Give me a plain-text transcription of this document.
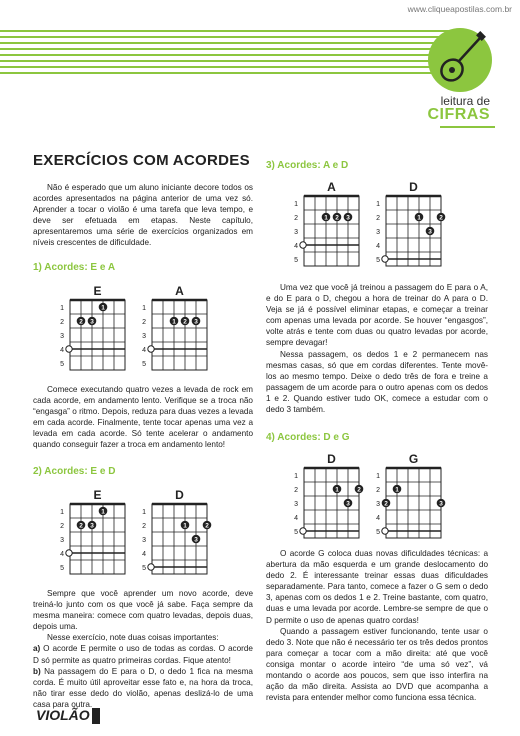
www.cliqueapostilas.com.br
leitura de
CIFRAS
EXERCÍCIOS COM ACORDES
Não é esperado que um aluno iniciante decore todos os acordes apresentados na página anterior de uma vez só. Aprender a tocar o violão é uma tarefa que leva tempo, e deve ser efetuada em etapas. Neste capítulo, apresentaremos uma série de exercícios organizados em níveis crescentes de dificuldade.
1) Acordes: E e A
E
1
2
3
4
5
1
2 3
A
1
2
3
4
5
1 2 3
Comece executando quatro vezes a levada de rock em cada acorde, em andamento lento. Verifique se a troca não “engasga” o ritmo. Depois, reduza para duas vezes a levada em cada acorde. Finalmente, tente tocar apenas uma vez a levada em cada acorde. Só tente acelerar o andamento quando conseguir fazer a troca em andamento lento!
2) Acordes: E e D
E
1
2
3
4
5
1
2 3
D
1
2
3
4
5
1	2
3

Sempre que você aprender um novo acorde, deve treiná-lo junto com os que você já sabe. Faça sempre da mesma maneira: comece com quatro levadas, depois duas, depois uma.

Nesse exercício, note duas coisas importantes:

a) O acorde E permite o uso de todas as cordas. O acorde D só permite as quatro primeiras cordas. Fique atento!

b) Na passagem do E para o D, o dedo 1 fica na mesma corda. É muito útil aproveitar esse fato e, na hora da troca, não tirar esse dedo do violão, apenas deslizá-lo de uma casa para outra.

3) Acordes: A e D
A
1
2
3
4
5
1 2 3
D
1
2
3
4
5
1	2
3

Uma vez que você já treinou a passagem do E para o A, e do E para o D, chegou a hora de treinar do A para o D. Veja se já é possível eliminar etapas, e começar a treinar com apenas uma levada por acorde. Se houver “engasgos”, volte atrás e tente com duas ou quatro levadas por acorde, sempre devagar!

Nessa passagem, os dedos 1 e 2 permanecem nas mesmas casas, só que em cordas diferentes. Tente movê-los ao mesmo tempo. Deixe o dedo três de fora e treine a passagem de um acorde para o outro apenas com os dedos 1 e 2. Quando estiver tudo OK, comece a estudar com o dedo 3 também.

4) Acordes: D e G
D
1
2
3
4
5
1	2
3
G
1
2
3
4
5
1
2	3

O acorde G coloca duas novas dificuldades técnicas: a abertura da mão esquerda e um grande deslocamento do dedo 2. É interessante treinar essas duas dificuldades separadamente. Para tanto, comece a fazer o G sem o dedo 3, apenas com os dedos 1 e 2. Treine bastante, com quatro, duas e uma levada por acorde. Lembre-se sempre de que o D permite o uso de apenas quatro cordas!

Quando a passagem estiver funcionando, tente usar o dedo 3. Note que não é necessário ter os três dedos prontos para começar a tocar com a mão direita: até que você consiga montar o acorde inteiro “de uma só vez”, vá montando o acorde aos poucos, sem que isso interfira na ação da mão direita. Assista ao DVD que acompanha a revista para entender melhor como funciona essa técnica.

VIOLÃO
